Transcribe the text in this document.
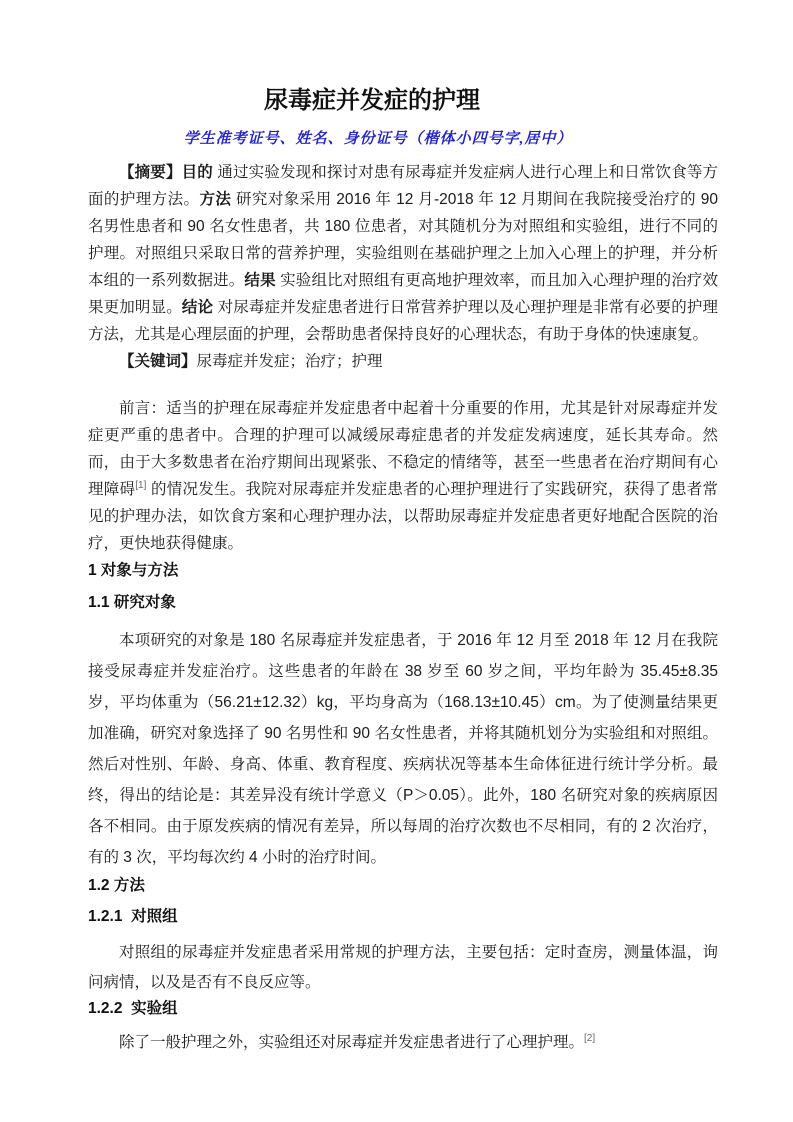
尿毒症并发症的护理
学生准考证号、姓名、身份证号（楷体小四号字,居中）

【摘要】目的 通过实验发现和探讨对患有尿毒症并发症病人进行心理上和日常饮食等方面的护理方法。方法 研究对象采用 2016 年 12 月-2018 年 12 月期间在我院接受治疗的 90 名男性患者和 90 名女性患者，共 180 位患者，对其随机分为对照组和实验组，进行不同的护理。对照组只采取日常的营养护理，实验组则在基础护理之上加入心理上的护理，并分析本组的一系列数据进。结果 实验组比对照组有更高地护理效率，而且加入心理护理的治疗效果更加明显。结论 对尿毒症并发症患者进行日常营养护理以及心理护理是非常有必要的护理方法，尤其是心理层面的护理，会帮助患者保持良好的心理状态，有助于身体的快速康复。

【关键词】尿毒症并发症；治疗；护理

前言：适当的护理在尿毒症并发症患者中起着十分重要的作用，尤其是针对尿毒症并发症更严重的患者中。合理的护理可以减缓尿毒症患者的并发症发病速度，延长其寿命。然而，由于大多数患者在治疗期间出现紧张、不稳定的情绪等，甚至一些患者在治疗期间有心理障碍[1] 的情况发生。我院对尿毒症并发症患者的心理护理进行了实践研究，获得了患者常见的护理办法，如饮食方案和心理护理办法，以帮助尿毒症并发症患者更好地配合医院的治疗，更快地获得健康。

1 对象与方法
1.1 研究对象

本项研究的对象是 180 名尿毒症并发症患者，于 2016 年 12 月至 2018 年 12 月在我院接受尿毒症并发症治疗。这些患者的年龄在 38 岁至 60 岁之间，平均年龄为 35.45±8.35 岁，平均体重为（56.21±12.32）kg，平均身高为（168.13±10.45）cm。为了使测量结果更加准确，研究对象选择了 90 名男性和 90 名女性患者，并将其随机划分为实验组和对照组。然后对性别、年龄、身高、体重、教育程度、疾病状况等基本生命体征进行统计学分析。最终，得出的结论是：其差异没有统计学意义（P＞0.05）。此外，180 名研究对象的疾病原因各不相同。由于原发疾病的情况有差异，所以每周的治疗次数也不尽相同，有的 2 次治疗，有的 3 次，平均每次约 4 小时的治疗时间。

1.2 方法
1.2.1  对照组

对照组的尿毒症并发症患者采用常规的护理方法，主要包括：定时查房，测量体温，询问病情，以及是否有不良反应等。

1.2.2  实验组

除了一般护理之外，实验组还对尿毒症并发症患者进行了心理护理。[2]
